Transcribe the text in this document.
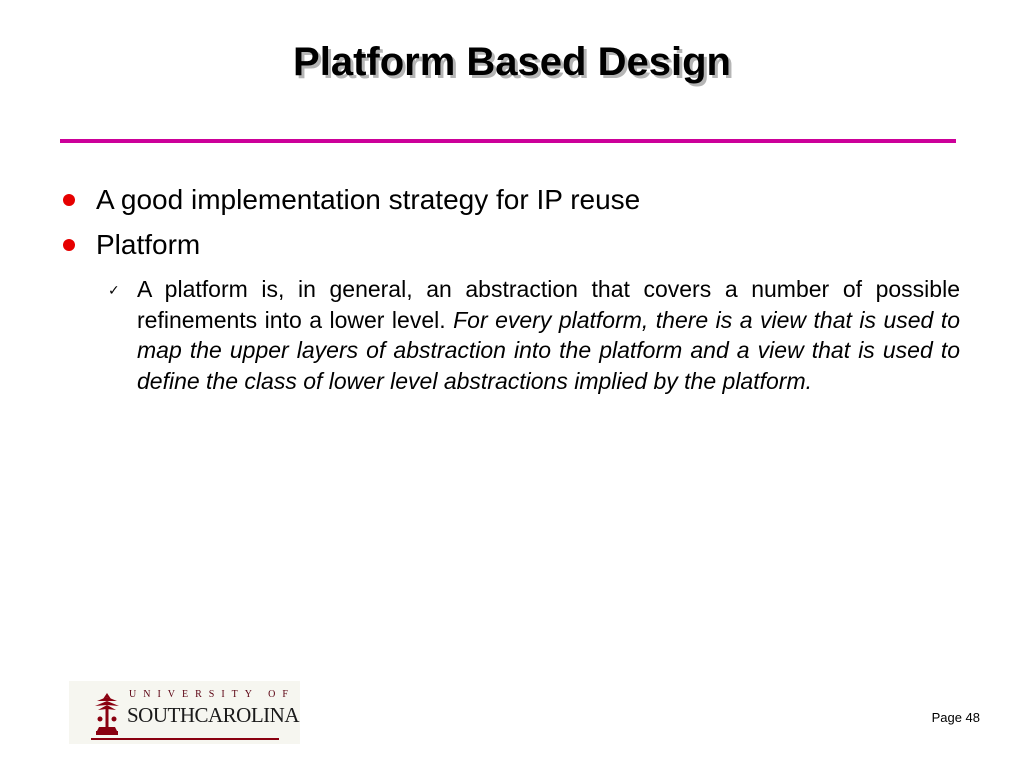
Platform Based Design
A good implementation strategy for IP reuse
Platform
✓ A platform is, in general, an abstraction that covers a number of possible refinements into a lower level. For every platform, there is a view that is used to map the upper layers of abstraction into the platform and a view that is used to define the class of lower level abstractions implied by the platform.
UNIVERSITY OF
SOUTHCAROLINA	Page 48
